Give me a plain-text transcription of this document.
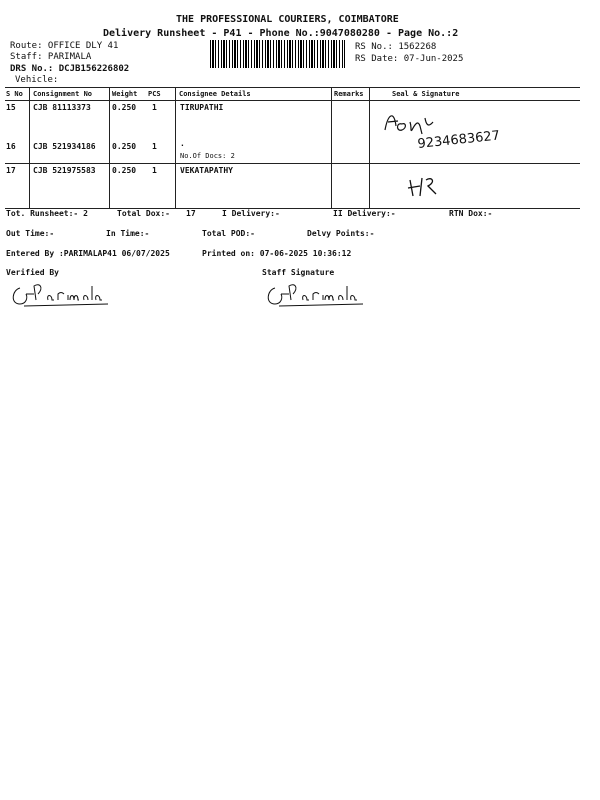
THE PROFESSIONAL COURIERS, COIMBATORE
Delivery Runsheet - P41 - Phone No.:9047080280 - Page No.:2
Route: OFFICE DLY 41
Staff: PARIMALA
DRS No.: DCJB156226802
Vehicle:
RS No.: 1562268
RS Date: 07-Jun-2025
S No Consignment No	Weight PCS	Consignee Details	Remarks	Seal & Signature
15 CJB 81113373	0.250 1	TIRUPATHI
16 CJB 521934186 0.250 1	.
No.Of Docs: 2
17 CJB 521975583 0.250 1	VEKATAPATHY
9234683627
Tot. Runsheet:- 2	Total Dox:- 17	I Delivery:-	II Delivery:-	RTN Dox:-
Out Time:-	In Time:-	Total POD:-	Delvy Points:-
Entered By :PARIMALAP41 06/07/2025	Printed on: 07-06-2025 10:36:12
Verified By	Staff Signature
